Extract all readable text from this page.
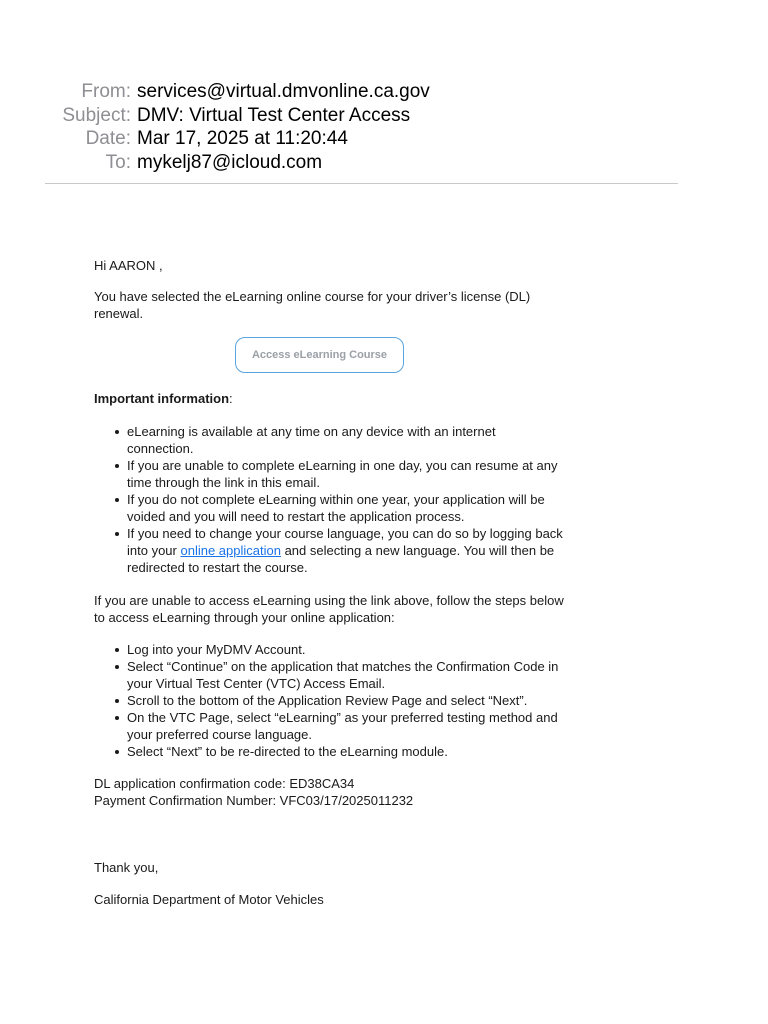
From: services@virtual.dmvonline.ca.gov
Subject: DMV: Virtual Test Center Access
Date: Mar 17, 2025 at 11:20:44
To: mykelj87@icloud.com

Hi AARON ,

You have selected the eLearning online course for your driver’s license (DL) renewal.

Access eLearning Course

Important information:

eLearning is available at any time on any device with an internet connection.
If you are unable to complete eLearning in one day, you can resume at any time through the link in this email.
If you do not complete eLearning within one year, your application will be voided and you will need to restart the application process.
If you need to change your course language, you can do so by logging back into your online application and selecting a new language. You will then be redirected to restart the course.

If you are unable to access eLearning using the link above, follow the steps below to access eLearning through your online application:

Log into your MyDMV Account.
Select “Continue” on the application that matches the Confirmation Code in your Virtual Test Center (VTC) Access Email.
Scroll to the bottom of the Application Review Page and select “Next”.
On the VTC Page, select “eLearning” as your preferred testing method and your preferred course language.
Select “Next” to be re-directed to the eLearning module.

DL application confirmation code: ED38CA34

Payment Confirmation Number: VFC03/17/2025011232

Thank you,

California Department of Motor Vehicles
